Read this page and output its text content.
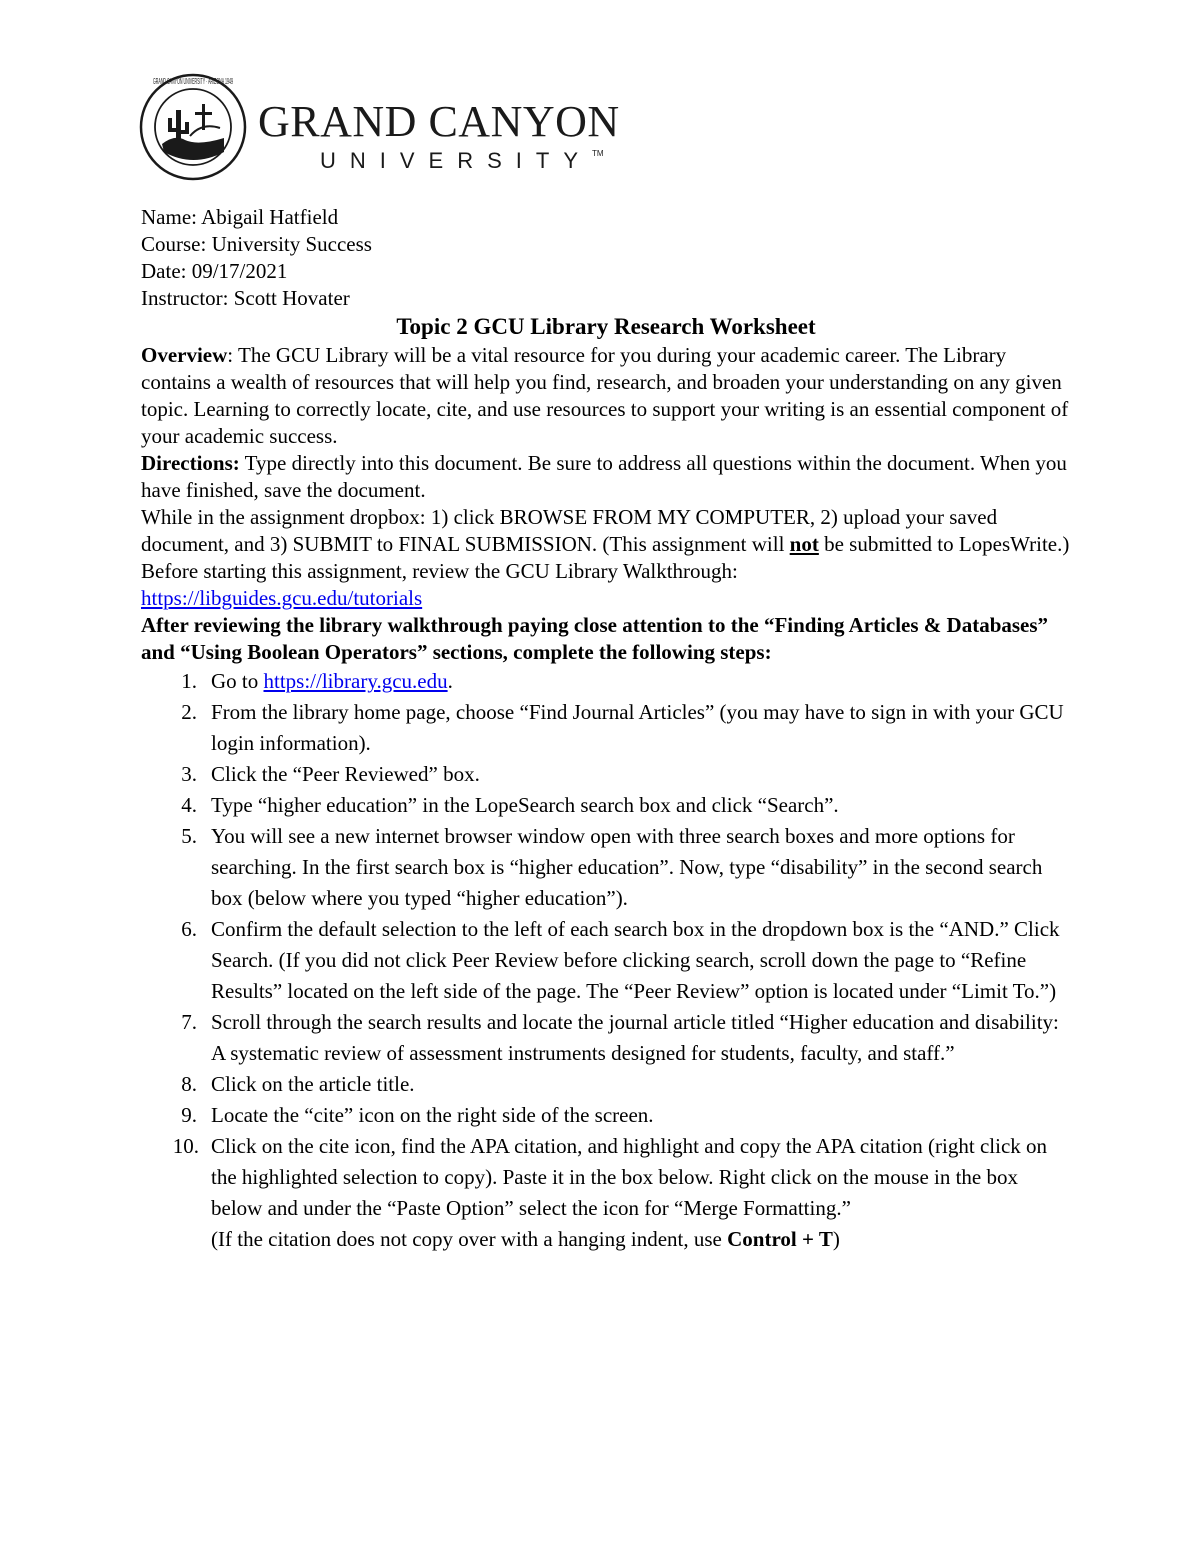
GRAND CANYON UNIVERSITY · ARIZONA 1949
GRAND CANYON
UNIVERSITY™

Name: Abigail Hatfield

Course: University Success

Date: 09/17/2021

Instructor: Scott Hovater

Topic 2 GCU Library Research Worksheet

Overview: The GCU Library will be a vital resource for you during your academic career. The Library contains a wealth of resources that will help you find, research, and broaden your understanding on any given topic. Learning to correctly locate, cite, and use resources to support your writing is an essential component of your academic success.

Directions: Type directly into this document. Be sure to address all questions within the document. When you have finished, save the document.

While in the assignment dropbox: 1) click BROWSE FROM MY COMPUTER, 2) upload your saved document, and 3) SUBMIT to FINAL SUBMISSION. (This assignment will not be submitted to LopesWrite.)

Before starting this assignment, review the GCU Library Walkthrough:
https://libguides.gcu.edu/tutorials

After reviewing the library walkthrough paying close attention to the “Finding Articles & Databases” and “Using Boolean Operators” sections, complete the following steps:

1. Go to https://library.gcu.edu.
2. From the library home page, choose “Find Journal Articles” (you may have to sign in with your GCU login information).
3. Click the “Peer Reviewed” box.
4. Type “higher education” in the LopeSearch search box and click “Search”.
5. You will see a new internet browser window open with three search boxes and more options for searching. In the first search box is “higher education”. Now, type “disability” in the second search box (below where you typed “higher education”).
6. Confirm the default selection to the left of each search box in the dropdown box is the “AND.” Click Search. (If you did not click Peer Review before clicking search, scroll down the page to “Refine Results” located on the left side of the page. The “Peer Review” option is located under “Limit To.”)
7. Scroll through the search results and locate the journal article titled “Higher education and disability: A systematic review of assessment instruments designed for students, faculty, and staff.”
8. Click on the article title.
9. Locate the “cite” icon on the right side of the screen.
10. Click on the cite icon, find the APA citation, and highlight and copy the APA citation (right click on the highlighted selection to copy). Paste it in the box below. Right click on the mouse in the box below and under the “Paste Option” select the icon for “Merge Formatting.”

(If the citation does not copy over with a hanging indent, use Control + T)
